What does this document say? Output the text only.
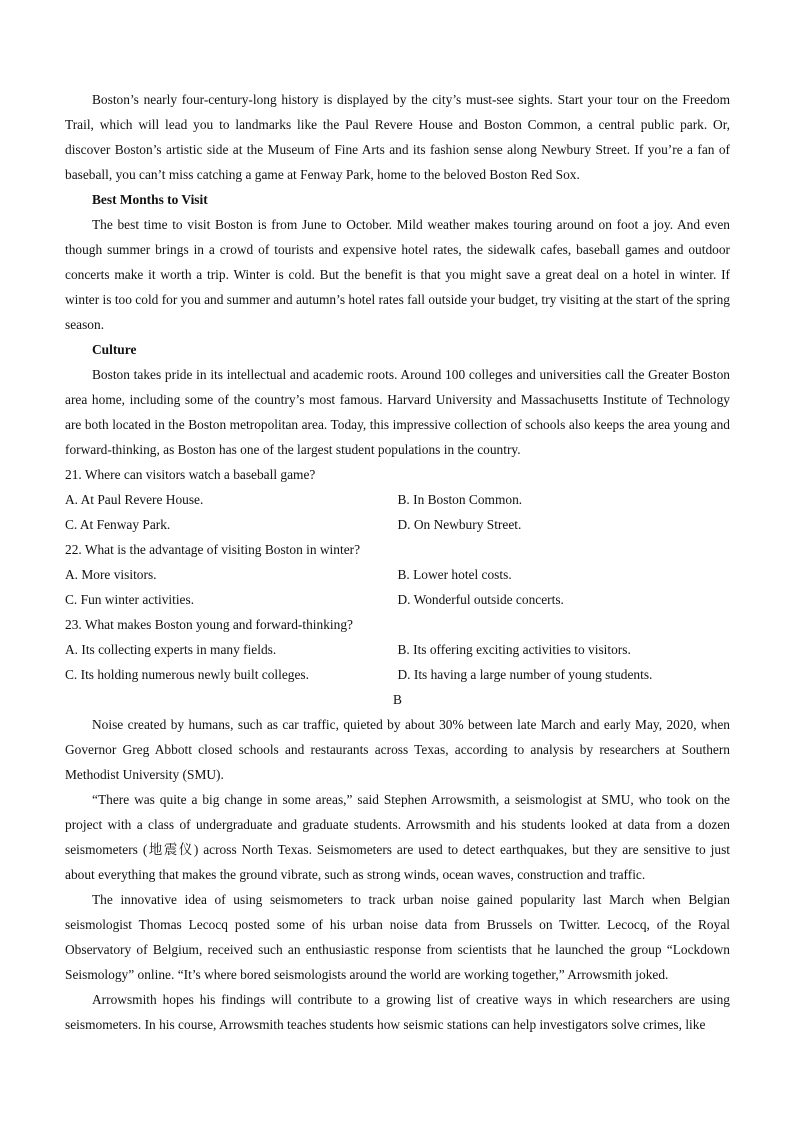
Boston’s nearly four-century-long history is displayed by the city’s must-see sights. Start your tour on the Freedom Trail, which will lead you to landmarks like the Paul Revere House and Boston Common, a central public park. Or, discover Boston’s artistic side at the Museum of Fine Arts and its fashion sense along Newbury Street. If you’re a fan of baseball, you can’t miss catching a game at Fenway Park, home to the beloved Boston Red Sox.

Best Months to Visit

The best time to visit Boston is from June to October. Mild weather makes touring around on foot a joy. And even though summer brings in a crowd of tourists and expensive hotel rates, the sidewalk cafes, baseball games and outdoor concerts make it worth a trip. Winter is cold. But the benefit is that you might save a great deal on a hotel in winter. If winter is too cold for you and summer and autumn’s hotel rates fall outside your budget, try visiting at the start of the spring season.

Culture

Boston takes pride in its intellectual and academic roots. Around 100 colleges and universities call the Greater Boston area home, including some of the country’s most famous. Harvard University and Massachusetts Institute of Technology are both located in the Boston metropolitan area. Today, this impressive collection of schools also keeps the area young and forward-thinking, as Boston has one of the largest student populations in the country.

21. Where can visitors watch a baseball game?
A. At Paul Revere House.	B. In Boston Common.
C. At Fenway Park.	D. On Newbury Street.
22. What is the advantage of visiting Boston in winter?
A. More visitors.	B. Lower hotel costs.
C. Fun winter activities.	D. Wonderful outside concerts.
23. What makes Boston young and forward-thinking?
A. Its collecting experts in many fields.	B. Its offering exciting activities to visitors.
C. Its holding numerous newly built colleges.	D. Its having a large number of young students.
B

Noise created by humans, such as car traffic, quieted by about 30% between late March and early May, 2020, when Governor Greg Abbott closed schools and restaurants across Texas, according to analysis by researchers at Southern Methodist University (SMU).

“There was quite a big change in some areas,” said Stephen Arrowsmith, a seismologist at SMU, who took on the project with a class of undergraduate and graduate students. Arrowsmith and his students looked at data from a dozen seismometers (地震仪) across North Texas. Seismometers are used to detect earthquakes, but they are sensitive to just about everything that makes the ground vibrate, such as strong winds, ocean waves, construction and traffic.

The innovative idea of using seismometers to track urban noise gained popularity last March when Belgian seismologist Thomas Lecocq posted some of his urban noise data from Brussels on Twitter. Lecocq, of the Royal Observatory of Belgium, received such an enthusiastic response from scientists that he launched the group “Lockdown Seismology” online. “It’s where bored seismologists around the world are working together,” Arrowsmith joked.

Arrowsmith hopes his findings will contribute to a growing list of creative ways in which researchers are using seismometers. In his course, Arrowsmith teaches students how seismic stations can help investigators solve crimes, like
